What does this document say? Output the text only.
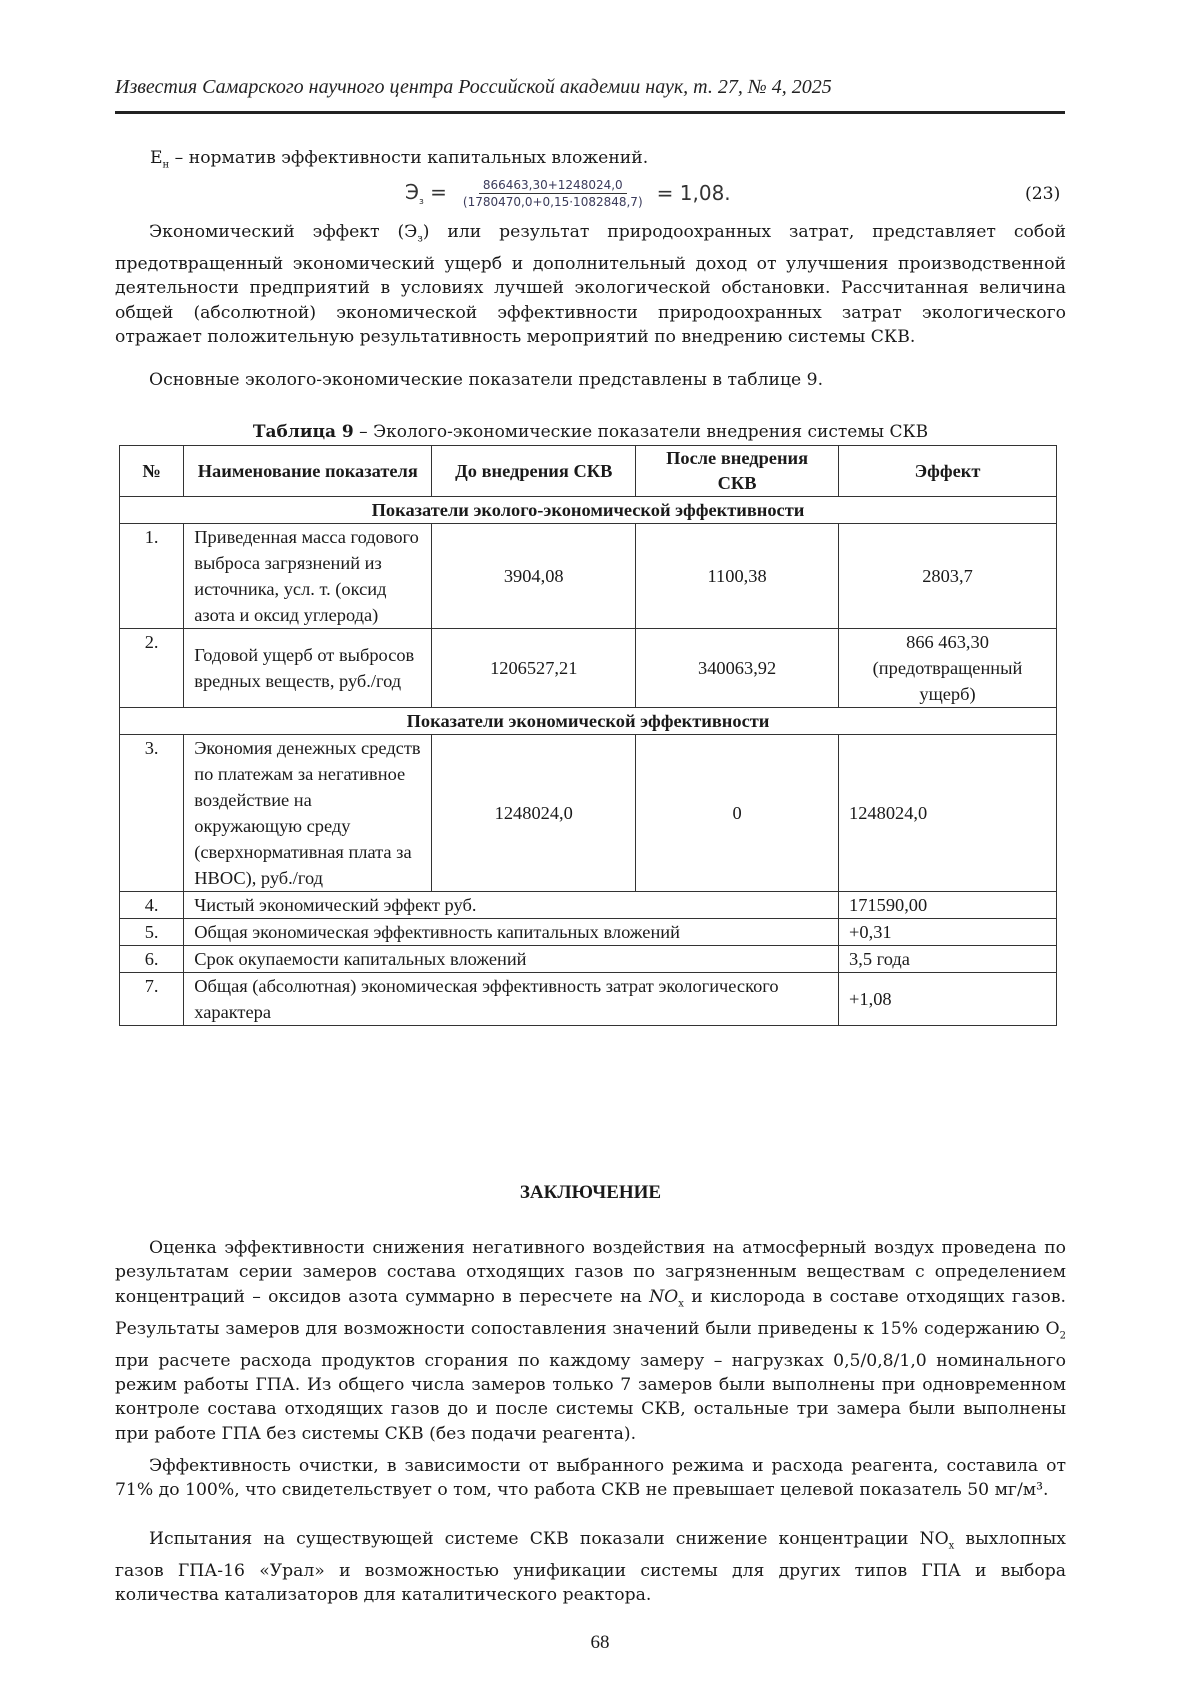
Известия Самарского научного центра Российской академии наук, т. 27, № 4, 2025
$Е_н$ – норматив эффективности капитальных вложений.
$Э_з = \frac{866463,30+1248024,0}{(1780470,0+0,15\cdot 1082848,7)} = 1,08$.	(23)
Экономический эффект $(Э_з)$ или результат природоохранных затрат, представляет собой предотвращенный экономический ущерб и дополнительный доход от улучшения производственной деятельности предприятий в условиях лучшей экологической обстановки. Рассчитанная величина общей (абсолютной) экономической эффективности природоохранных затрат экологического отражает положительную результативность мероприятий по внедрению системы СКВ.
Основные эколого-экономические показатели представлены в таблице 9.
Таблица 9 – Эколого-экономические показатели внедрения системы СКВ
№	Наименование показателя	До внедрения СКВ	После внедрения СКВ	Эффект
Показатели эколого-экономической эффективности				
1.	Приведенная масса годового выброса загрязнений из источника, усл. т. (оксид азота и оксид углерода)	3904,08	1100,38	2803,7
2.	Годовой ущерб от выбросов вредных веществ, руб./год	1206527,21	340063,92	866 463,30 (предотвращенный ущерб)
Показатели экономической эффективности				
3.	Экономия денежных средств по платежам за негативное воздействие на окружающую среду (сверхнормативная плата за НВОС), руб./год	1248024,0	0	1248024,0
4.	Чистый экономический эффект руб.			171590,00
5.	Общая экономическая эффективность капитальных вложений			+0,31
6.	Срок окупаемости капитальных вложений			3,5 года
7.	Общая (абсолютная) экономическая эффективность затрат экологического характера			+1,08
ЗАКЛЮЧЕНИЕ
Оценка эффективности снижения негативного воздействия на атмосферный воздух проведена по результатам серии замеров состава отходящих газов по загрязненным веществам с определением концентраций – оксидов азота суммарно в пересчете на $NO_x$ и кислорода в составе отходящих газов. Результаты замеров для возможности сопоставления значений были приведены к 15% содержанию $O_2$ при расчете расхода продуктов сгорания по каждому замеру – нагрузках 0,5/0,8/1,0 номинального режим работы ГПА. Из общего числа замеров только 7 замеров были выполнены при одновременном контроле состава отходящих газов до и после системы СКВ, остальные три замера были выполнены при работе ГПА без системы СКВ (без подачи реагента).
Эффективность очистки, в зависимости от выбранного режима и расхода реагента, составила от 71% до 100%, что свидетельствует о том, что работа СКВ не превышает целевой показатель 50 мг/м³.
Испытания на существующей системе СКВ показали снижение концентрации $NO_x$ выхлопных газов ГПА-16 «Урал» и возможностью унификации системы для других типов ГПА и выбора количества катализаторов для каталитического реактора.
68
